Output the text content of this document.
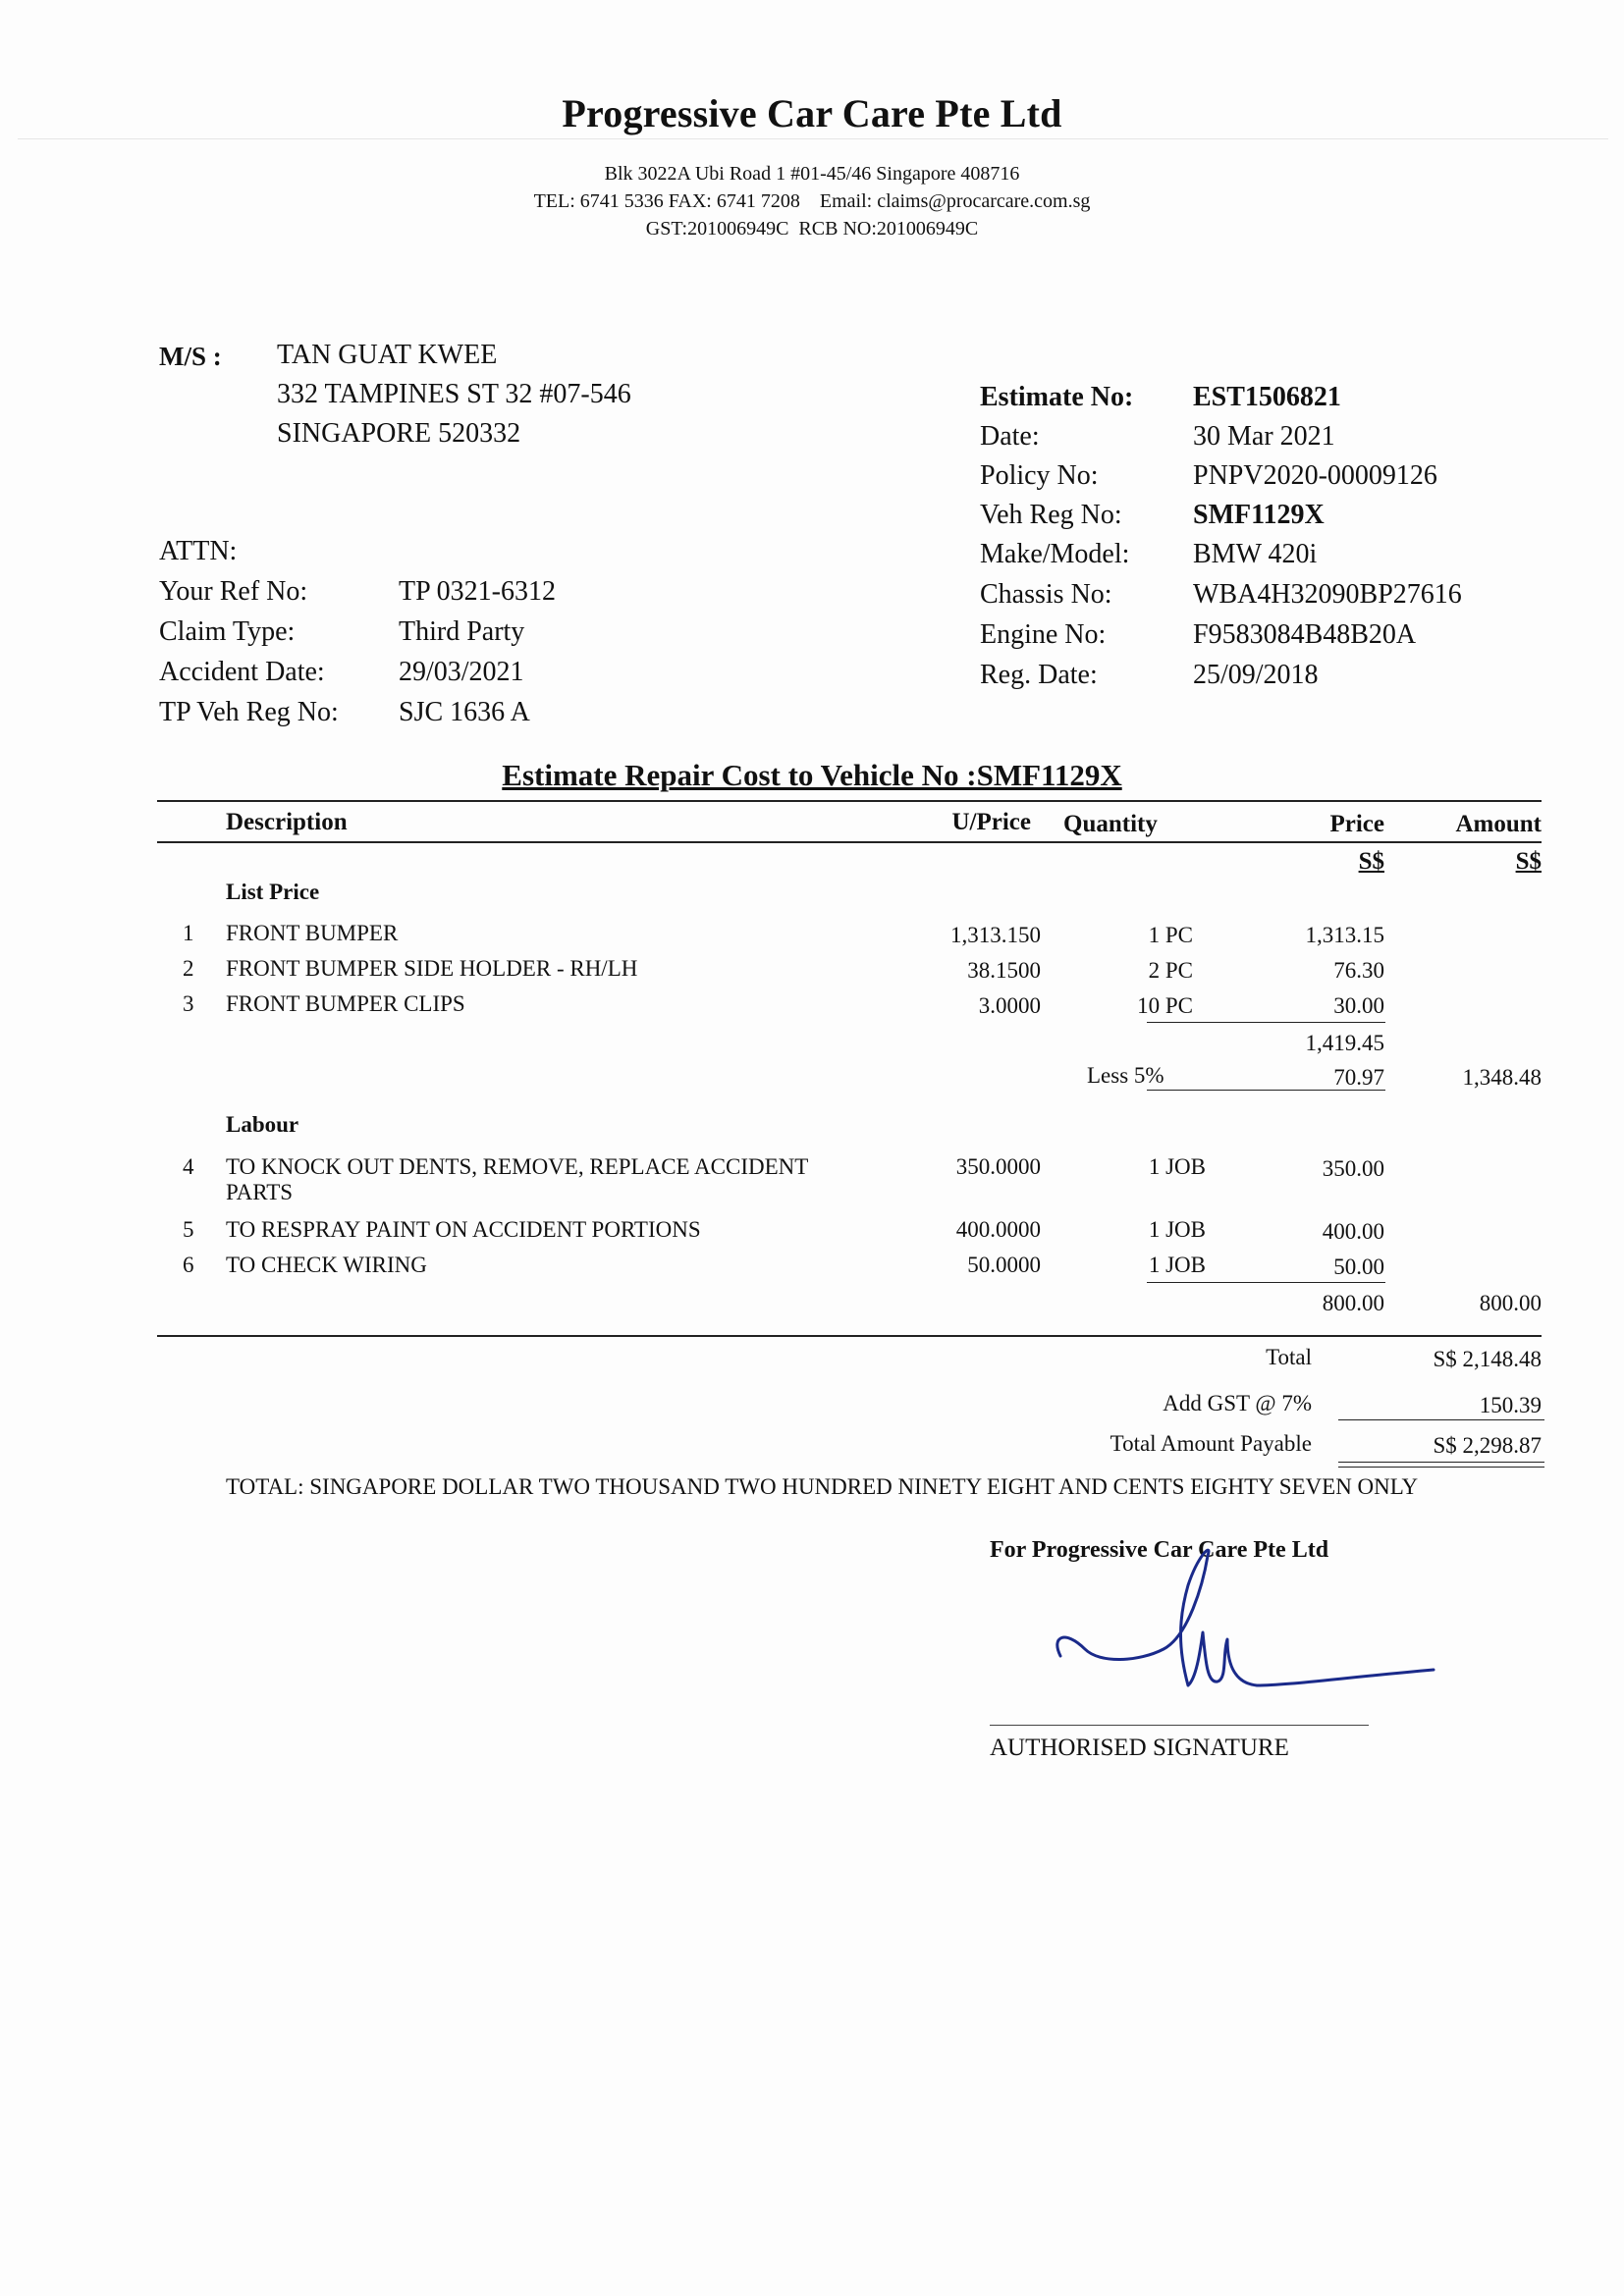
Progressive Car Care Pte Ltd
Blk 3022A Ubi Road 1 #01-45/46 Singapore 408716
TEL: 6741 5336 FAX: 6741 7208    Email: claims@procarcare.com.sg
GST:201006949C  RCB NO:201006949C
M/S : TAN GUAT KWEE
332 TAMPINES ST 32 #07-546
SINGAPORE 520332
ATTN:
Your Ref No:	TP 0321-6312
Claim Type:	Third Party
Accident Date:	29/03/2021
TP Veh Reg No: SJC 1636 A
Estimate No: EST1506821
Date:	30 Mar 2021
Policy No:	PNPV2020-00009126
Veh Reg No:	SMF1129X
Make/Model: BMW 420i
Chassis No:	WBA4H32090BP27616
Engine No:	F9583084B48B20A
Reg. Date:	25/09/2018
Estimate Repair Cost to Vehicle No :SMF1129X
Description	U/Price Quantity	Price	Amount
S$	S$
List Price
1 FRONT BUMPER	1,313.150	1 PC	1,313.15
2 FRONT BUMPER SIDE HOLDER - RH/LH	38.1500	2 PC	76.30
3 FRONT BUMPER CLIPS	3.0000	10 PC	30.00
1,419.45
Less 5%	70.97	1,348.48
Labour
4 TO KNOCK OUT DENTS, REMOVE, REPLACE ACCIDENT
PARTS
350.0000	1 JOB	350.00
5 TO RESPRAY PAINT ON ACCIDENT PORTIONS	400.0000	1 JOB	400.00
6 TO CHECK WIRING	50.0000	1 JOB	50.00
800.00	800.00
Total	S$ 2,148.48
Add GST @ 7%	150.39
Total Amount Payable	S$ 2,298.87
TOTAL: SINGAPORE DOLLAR TWO THOUSAND TWO HUNDRED NINETY EIGHT AND CENTS EIGHTY SEVEN ONLY
For Progressive Car Care Pte Ltd
AUTHORISED SIGNATURE
